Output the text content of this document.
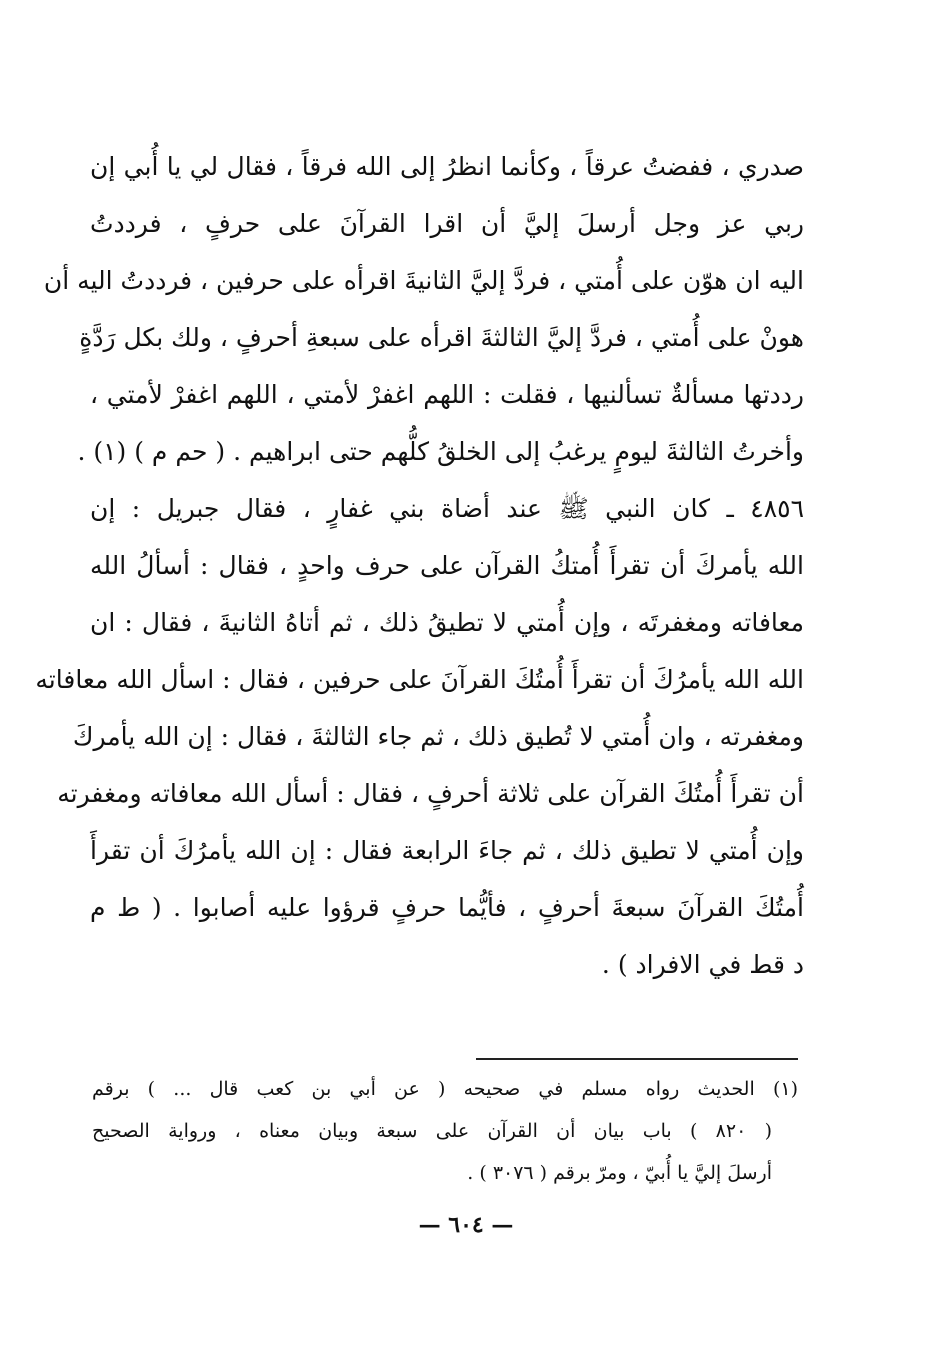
صدري ، ففضتُ عرقاً ، وكأنما انظرُ إلى الله فرقاً ، فقال لي يا أُبي إن
ربي عز وجل أرسلَ إليَّ أن اقرا القرآنَ على حرفٍ ، فرددتُ
اليه ان هوّن على أُمتي ، فردَّ إليَّ الثانيةَ اقرأه على حرفين ، فرددتُ اليه أن
هونْ على أُمتي ، فردَّ إليَّ الثالثةَ اقرأه على سبعةِ أحرفٍ ، ولك بكل رَدَّةٍ
رددتها مسألةٌ تسألنيها ، فقلت : اللهم اغفرْ لأمتي ، اللهم اغفرْ لأمتي ،
وأخرتُ الثالثةَ ليومٍ يرغبُ إلى الخلقُ كلُّهم حتى ابراهيم . ( حم م ) (١) .
٤٨٥٦ ـ كان النبي ﷺ عند أضاة بني غفارٍ ، فقال جبريل : إن
الله يأمركَ أن تقرأَ أُمتكُ القرآن على حرف واحدٍ ، فقال : أسألُ الله
معافاته ومغفرتَه ، وإن أُمتي لا تطيقُ ذلك ، ثم أتاهُ الثانيةَ ، فقال : ان
الله الله يأمرُكَ أن تقرأَ أُمتُكَ القرآنَ على حرفين ، فقال : اسأل الله معافاته
ومغفرته ، وان أُمتي لا تُطيق ذلك ، ثم جاء الثالثةَ ، فقال : إن الله يأمركَ
أن تقرأَ أُمتُكَ القرآن على ثلاثة أحرفٍ ، فقال : أسأل الله معافاته ومغفرته
وإن أُمتي لا تطيق ذلك ، ثم جاءَ الرابعة فقال : إن الله يأمرُكَ أن تقرأَ
أُمتُكَ القرآنَ سبعةَ أحرفٍ ، فأيُّما حرفٍ قرؤوا عليه أصابوا . ( ط م
د قط في الافراد ) .
(١) الحديث رواه مسلم في صحيحه ( عن أبي بن كعب قال ... ) برقم
( ٨٢٠ ) باب بيان أن القرآن على سبعة وبيان معناه ، ورواية الصحيح
أرسلَ إليَّ يا أُبيّ ، ومرّ برقم ( ٣٠٧٦ ) .
— ٦٠٤ —
